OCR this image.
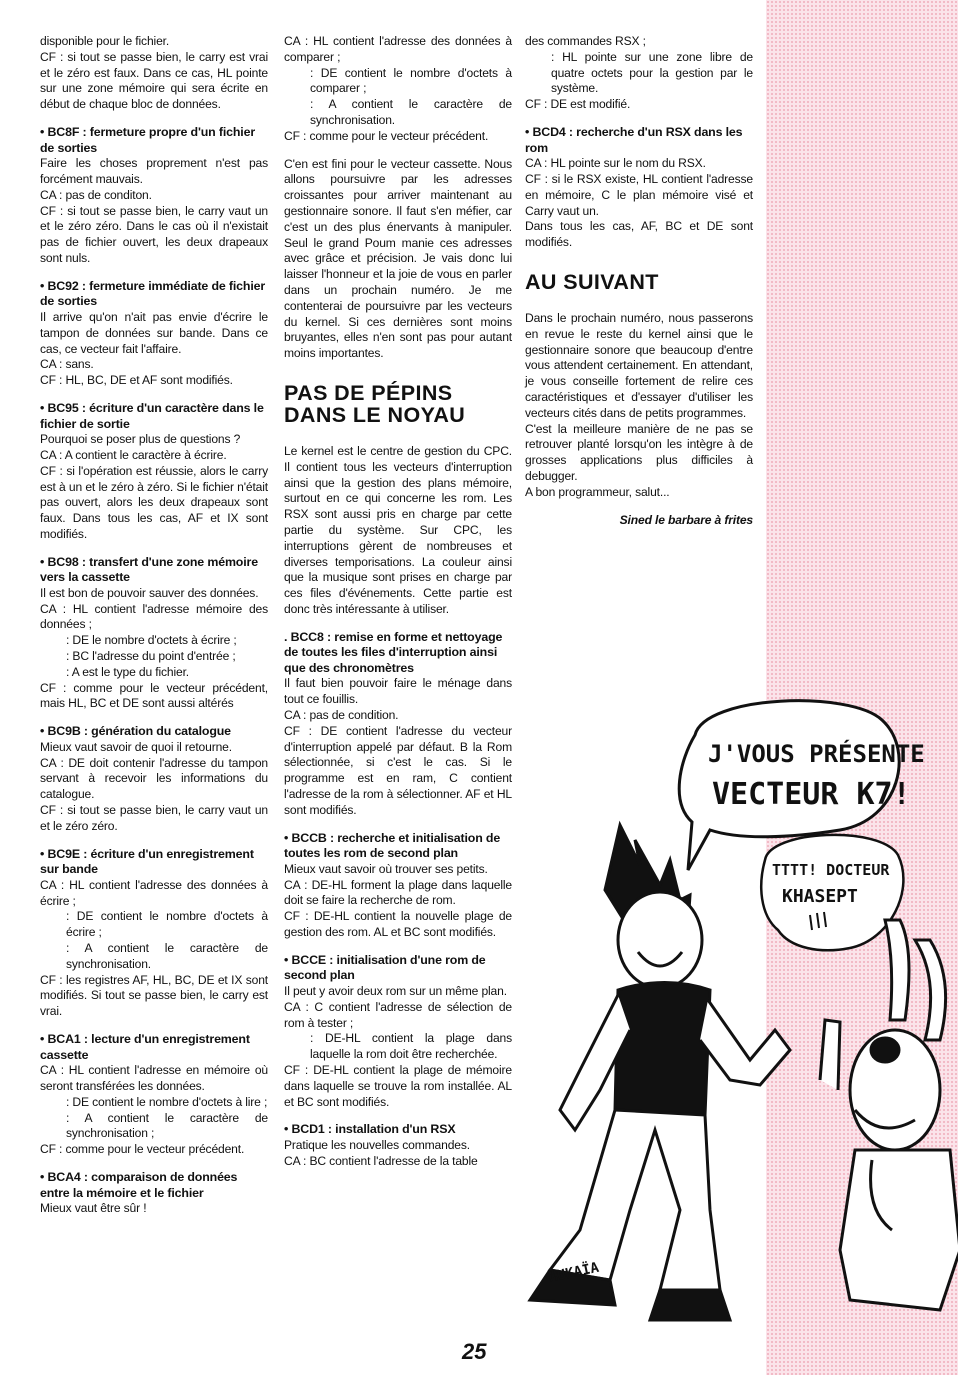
disponible pour le fichier.

CF : si tout se passe bien, le carry est vrai et le zéro est faux. Dans ce cas, HL pointe sur une zone mémoire qui sera écrite en début de chaque bloc de données.

• BC8F : fermeture propre d'un fichier de sorties

Faire les choses proprement n'est pas forcément mauvais.

CA : pas de conditon.

CF : si tout se passe bien, le carry vaut un et le zéro zéro. Dans le cas où il n'existait pas de fichier ouvert, les deux drapeaux sont nuls.

• BC92 : fermeture immédiate de fichier de sorties

Il arrive qu'on n'ait pas envie d'écrire le tampon de données sur bande. Dans ce cas, ce vecteur fait l'affaire.

CA : sans.

CF : HL, BC, DE et AF sont modifiés.

• BC95 : écriture d'un caractère dans le fichier de sortie

Pourquoi se poser plus de questions ?

CA : A contient le caractère à écrire.

CF : si l'opération est réussie, alors le carry est à un et le zéro à zéro. Si le fichier n'était pas ouvert, alors les deux drapeaux sont faux. Dans tous les cas, AF et IX sont modifiés.

• BC98 : transfert d'une zone mémoire vers la cassette

Il est bon de pouvoir sauver des données.

CA : HL contient l'adresse mémoire des données ;

: DE le nombre d'octets à écrire ;

: BC l'adresse du point d'entrée ;

: A est le type du fichier.

CF : comme pour le vecteur précédent, mais HL, BC et DE sont aussi altérés

• BC9B : génération du catalogue

Mieux vaut savoir de quoi il retourne.

CA : DE doit contenir l'adresse du tampon servant à recevoir les informations du catalogue.

CF : si tout se passe bien, le carry vaut un et le zéro zéro.

• BC9E : écriture d'un enregistrement sur bande

CA : HL contient l'adresse des données à écrire ;

: DE contient le nombre d'octets à écrire ;

: A contient le caractère de synchronisation.

CF : les registres AF, HL, BC, DE et IX sont modifiés. Si tout se passe bien, le carry est vrai.

• BCA1 : lecture d'un enregistrement cassette

CA : HL contient l'adresse en mémoire où seront transférées les données.

: DE contient le nombre d'octets à lire ;

: A contient le caractère de synchronisation ;

CF : comme pour le vecteur précédent.

• BCA4 : comparaison de données entre la mémoire et le fichier

Mieux vaut être sûr !

CA : HL contient l'adresse des données à comparer ;

: DE contient le nombre d'octets à comparer ;

: A contient le caractère de synchronisation.

CF : comme pour le vecteur précédent.

C'en est fini pour le vecteur cassette. Nous allons poursuivre par les adresses croissantes pour arriver maintenant au gestionnaire sonore. Il faut s'en méfier, car c'est un des plus énervants à manipuler. Seul le grand Poum manie ces adresses avec grâce et précision. Je vais donc lui laisser l'honneur et la joie de vous en parler dans un prochain numéro. Je me contenterai de poursuivre par les vecteurs du kernel. Si ces dernières sont moins bruyantes, elles n'en sont pas pour autant moins importantes.

PAS DE PÉPINS DANS LE NOYAU

Le kernel est le centre de gestion du CPC. Il contient tous les vecteurs d'interruption ainsi que la gestion des plans mémoire, surtout en ce qui concerne les rom. Les RSX sont aussi pris en charge par cette partie du système. Sur CPC, les interruptions gèrent de nombreuses et diverses temporisations. La couleur ainsi que la musique sont prises en charge par ces files d'événements. Cette partie est donc très intéressante à utiliser.

. BCC8 : remise en forme et nettoyage de toutes les files d'interruption ainsi que des chronomètres

Il faut bien pouvoir faire le ménage dans tout ce fouillis.

CA : pas de condition.

CF : DE contient l'adresse du vecteur d'interruption appelé par défaut. B la Rom sélectionnée, si c'est le cas. Si le programme est en ram, C contient l'adresse de la rom à sélectionner. AF et HL sont modifiés.

• BCCB : recherche et initialisation de toutes les rom de second plan

Mieux vaut savoir où trouver ses petits.

CA : DE-HL forment la plage dans laquelle doit se faire la recherche de rom.

CF : DE-HL contient la nouvelle plage de gestion des rom. AL et BC sont modifiés.

• BCCE : initialisation d'une rom de second plan

Il peut y avoir deux rom sur un même plan.

CA : C contient l'adresse de sélection de rom à tester ;

: DE-HL contient la plage dans laquelle la rom doit être recherchée.

CF : DE-HL contient la plage de mémoire dans laquelle se trouve la rom installée. AL et BC sont modifiés.

• BCD1 : installation d'un RSX

Pratique les nouvelles commandes.

CA : BC contient l'adresse de la table

des commandes RSX ;

: HL pointe sur une zone libre de quatre octets pour la gestion par le système.

CF : DE est modifié.

• BCD4 : recherche d'un RSX dans les rom

CA : HL pointe sur le nom du RSX.

CF : si le RSX existe, HL contient l'adresse en mémoire, C le plan mémoire visé et Carry vaut un.

Dans tous les cas, AF, BC et DE sont modifiés.

AU SUIVANT

Dans le prochain numéro, nous passerons en revue le reste du kernel ainsi que le gestionnaire sonore que beaucoup d'entre vous attendent certainement. En attendant, je vous conseille fortement de relire ces caractéristiques et d'essayer d'utiliser les vecteurs cités dans de petits programmes.

C'est la meilleure manière de ne pas se retrouver planté lorsqu'on les intègre à de grosses applications plus difficiles à debugger.

A bon programmeur, salut...

Sined le barbare à frites
J'VOUS PRÉSENTE
VECTEUR K7!
TTTT! DOCTEUR
KHASEPT
MUKAÏA
25
